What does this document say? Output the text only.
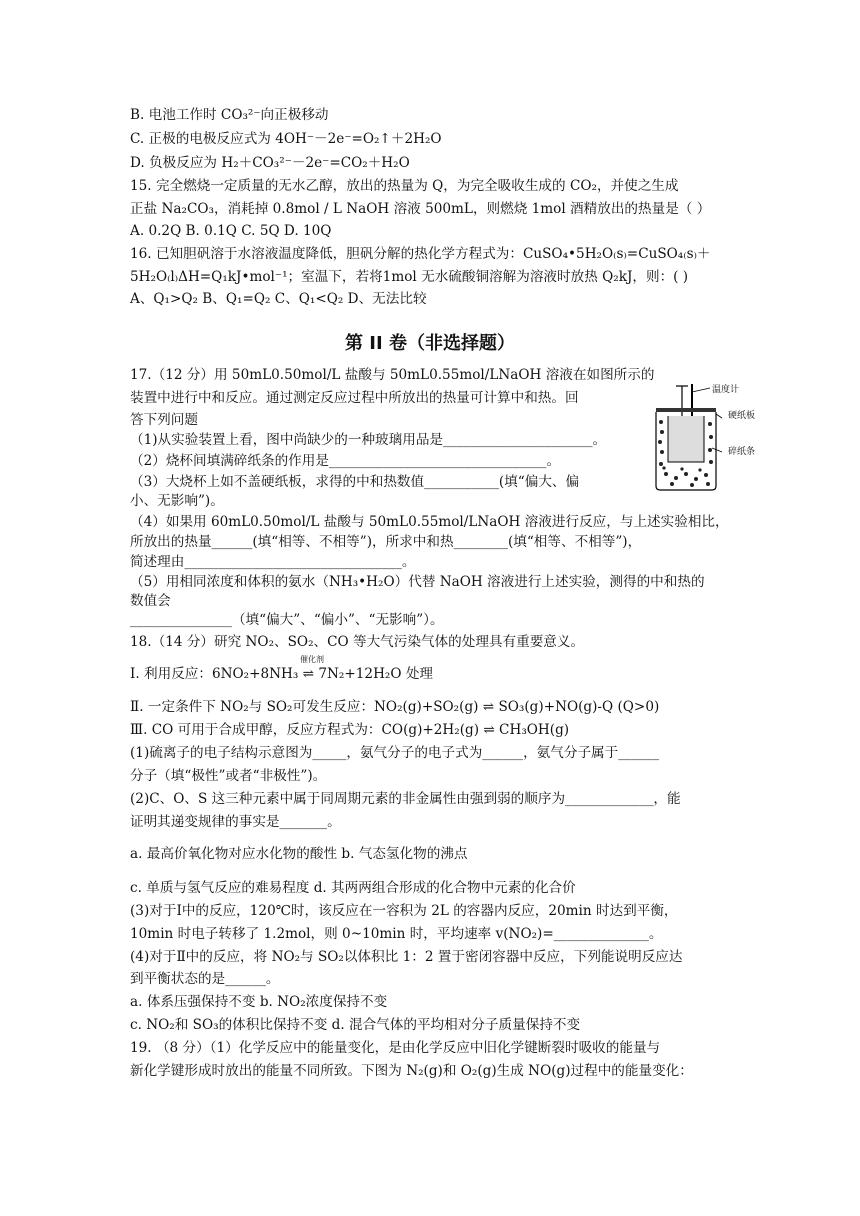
B. 电池工作时 CO₃²⁻向正极移动
C. 正极的电极反应式为 4OH⁻－2e⁻=O₂↑＋2H₂O
D. 负极反应为 H₂＋CO₃²⁻－2e⁻=CO₂＋H₂O
15. 完全燃烧一定质量的无水乙醇，放出的热量为 Q，为完全吸收生成的 CO₂，并使之生成
正盐 Na₂CO₃，消耗掉 0.8mol / L NaOH 溶液 500mL，则燃烧 1mol 酒精放出的热量是（ ）
A. 0.2Q B. 0.1Q C. 5Q D. 10Q
16. 已知胆矾溶于水溶液温度降低，胆矾分解的热化学方程式为：CuSO₄•5H₂O₍s₎=CuSO₄₍s₎＋
5H₂O₍l₎ΔH=Q₁kJ•mol⁻¹；室温下，若将1mol 无水硫酸铜溶解为溶液时放热 Q₂kJ，则：( )
A、Q₁>Q₂ B、Q₁=Q₂ C、Q₁<Q₂ D、无法比较
第 II 卷（非选择题）
温度计
硬纸板
碎纸条
17.（12 分）用 50mL0.50mol/L 盐酸与 50mL0.55mol/LNaOH 溶液在如图所示的
装置中进行中和反应。通过测定反应过程中所放出的热量可计算中和热。回
答下列问题
（1)从实验装置上看，图中尚缺少的一种玻璃用品是______________________。
（2）烧杯间填满碎纸条的作用是________________________________。
（3）大烧杯上如不盖硬纸板，求得的中和热数值___________(填“偏大、偏
小、无影响”)。
（4）如果用 60mL0.50mol/L 盐酸与 50mL0.55mol/LNaOH 溶液进行反应，与上述实验相比，
所放出的热量______(填“相等、不相等”)，所求中和热________(填“相等、不相等”)，
简述理由________________________________。
（5）用相同浓度和体积的氨水（NH₃•H₂O）代替 NaOH 溶液进行上述实验，测得的中和热的
数值会
_______________（填“偏大”、“偏小”、“无影响”）。
18.（14 分）研究 NO₂、SO₂、CO 等大气污染气体的处理具有重要意义。
Ⅰ. 利用反应：6NO₂+8NH₃ ⇌ 7N₂+12H₂O 处理
催化剂
Ⅱ. 一定条件下 NO₂与 SO₂可发生反应：NO₂(g)+SO₂(g) ⇌ SO₃(g)+NO(g)-Q (Q>0)
Ⅲ. CO 可用于合成甲醇，反应方程式为：CO(g)+2H₂(g) ⇌ CH₃OH(g)
(1)硫离子的电子结构示意图为_____，氨气分子的电子式为______，氨气分子属于______
分子（填“极性”或者“非极性”)。
(2)C、O、S 这三种元素中属于同周期元素的非金属性由强到弱的顺序为_____________，能
证明其递变规律的事实是_______。
a. 最高价氧化物对应水化物的酸性 b. 气态氢化物的沸点
c. 单质与氢气反应的难易程度 d. 其两两组合形成的化合物中元素的化合价
(3)对于Ⅰ中的反应，120℃时，该反应在一容积为 2L 的容器内反应，20min 时达到平衡，
10min 时电子转移了 1.2mol，则 0~10min 时，平均速率 v(NO₂)=______________。
(4)对于Ⅱ中的反应，将 NO₂与 SO₂以体积比 1：2 置于密闭容器中反应，下列能说明反应达
到平衡状态的是______。
a. 体系压强保持不变 b. NO₂浓度保持不变
c. NO₂和 SO₃的体积比保持不变 d. 混合气体的平均相对分子质量保持不变
19. （8 分）（1）化学反应中的能量变化，是由化学反应中旧化学键断裂时吸收的能量与
新化学键形成时放出的能量不同所致。下图为 N₂(g)和 O₂(g)生成 NO(g)过程中的能量变化：
